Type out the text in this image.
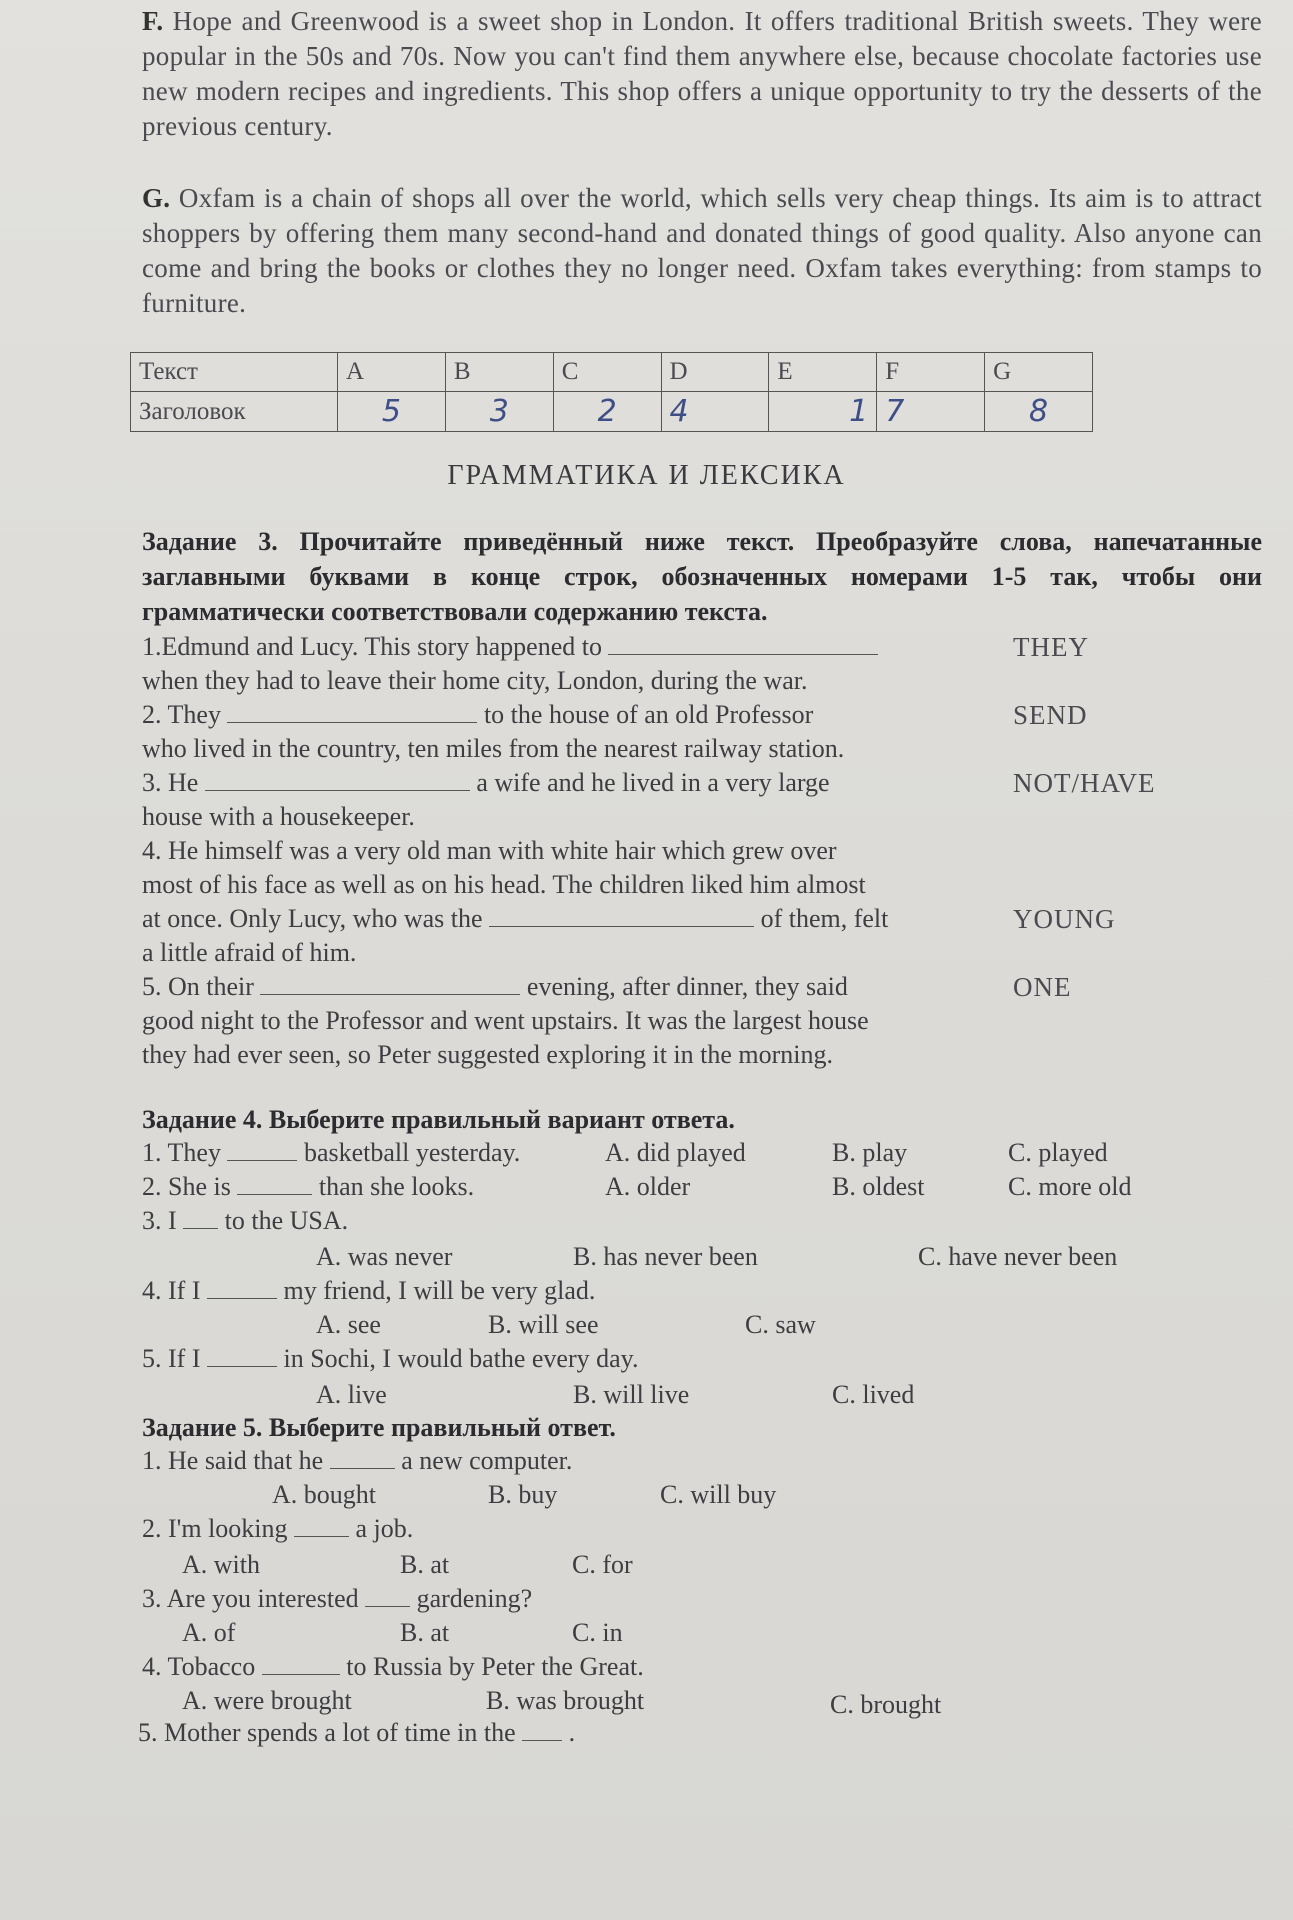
F. Hope and Greenwood is a sweet shop in London. It offers traditional British sweets. They were popular in the 50s and 70s. Now you can't find them anywhere else, because chocolate factories use new modern recipes and ingredients. This shop offers a unique opportunity to try the desserts of the previous century.
G. Oxfam is a chain of shops all over the world, which sells very cheap things. Its aim is to attract shoppers by offering them many second-hand and donated things of good quality. Also anyone can come and bring the books or clothes they no longer need. Oxfam takes everything: from stamps to furniture.
Текст	A	B	C	D	E	F	G
Заголовок	5	3	2	4	1	7	8
ГРАММАТИКА И ЛЕКСИКА
Задание 3. Прочитайте приведённый ниже текст. Преобразуйте слова, напечатанные заглавными буквами в конце строк, обозначенных номерами 1-5 так, чтобы они грамматически соответствовали содержанию текста.
1.Edmund and Lucy. This story happened to	THEY
when they had to leave their home city, London, during the war.
2. They	to the house of an old Professor	SEND
who lived in the country, ten miles from the nearest railway station.
3. He	a wife and he lived in a very large	NOT/HAVE
house with a housekeeper.
4. He himself was a very old man with white hair which grew over
most of his face as well as on his head. The children liked him almost
at once. Only Lucy, who was the	of them, felt	YOUNG
a little afraid of him.
5. On their	evening, after dinner, they said	ONE
good night to the Professor and went upstairs. It was the largest house
they had ever seen, so Peter suggested exploring it in the morning.
Задание 4. Выберите правильный вариант ответа.
1. They	basketball yesterday.	A. did played	B. play	C. played
2. She is	than she looks.	A. older	B. oldest	C. more old
3. I to the USA.
A. was never	B. has never been	C. have never been
4. If I	my friend, I will be very glad.
A. see	B. will see	C. saw
5. If I	in Sochi, I would bathe every day.
A. live	B. will live	C. lived
Задание 5. Выберите правильный ответ.
1. He said that he	a new computer.
A. bought	B. buy	C. will buy
2. I'm looking	a job.
A. with	B. at	C. for
3. Are you interested gardening?
A. of	B. at	C. in
4. Tobacco	to Russia by Peter the Great.
A. were brought	B. was brought	C. brought
5. Mother spends a lot of time in the .
